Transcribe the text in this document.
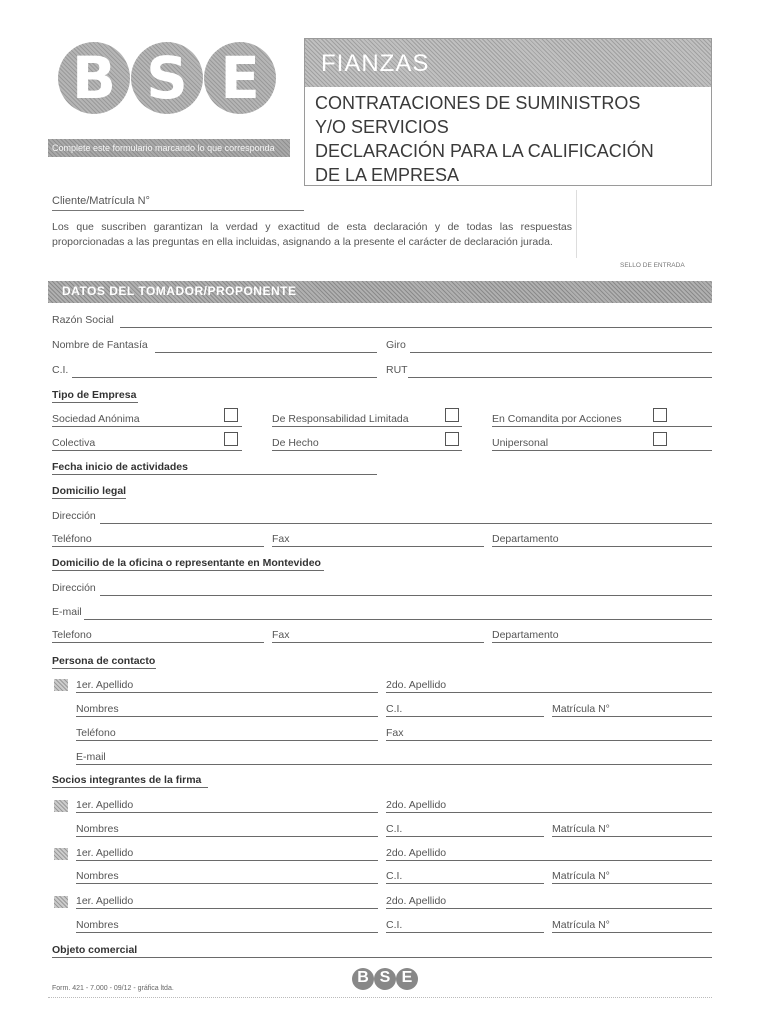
B S E
Complete este formulario marcando lo que corresponda
FIANZAS
CONTRATACIONES DE SUMINISTROS
Y/O SERVICIOS
DECLARACIÓN PARA LA CALIFICACIÓN
DE LA EMPRESA
Cliente/Matrícula N°
Los que suscriben garantizan la verdad y exactitud de esta declaración y de todas las respuestas proporcionadas a las preguntas en ella incluidas, asignando a la presente el carácter de declaración jurada.
SELLO DE ENTRADA
DATOS DEL TOMADOR/PROPONENTE
Razón Social
Nombre de Fantasía	Giro
C.I.	RUT
Tipo de Empresa
Sociedad Anónima	De Responsabilidad Limitada	En Comandita por Acciones
Colectiva	De Hecho	Unipersonal
Fecha inicio de actividades
Domicilio legal
Dirección
Teléfono	Fax	Departamento
Domicilio de la oficina o representante en Montevideo
Dirección
E-mail
Telefono	Fax	Departamento
Persona de contacto
1er. Apellido	2do. Apellido
Nombres	C.I.	Matrícula N°
Teléfono	Fax
E-mail
Socios integrantes de la firma
1er. Apellido	2do. Apellido
Nombres	C.I.	Matrícula N°
1er. Apellido	2do. Apellido
Nombres	C.I.	Matrícula N°
1er. Apellido	2do. Apellido
Nombres	C.I.	Matrícula N°
Objeto comercial
B S E
Form. 421 - 7.000 - 09/12 - gráfica ltda.
